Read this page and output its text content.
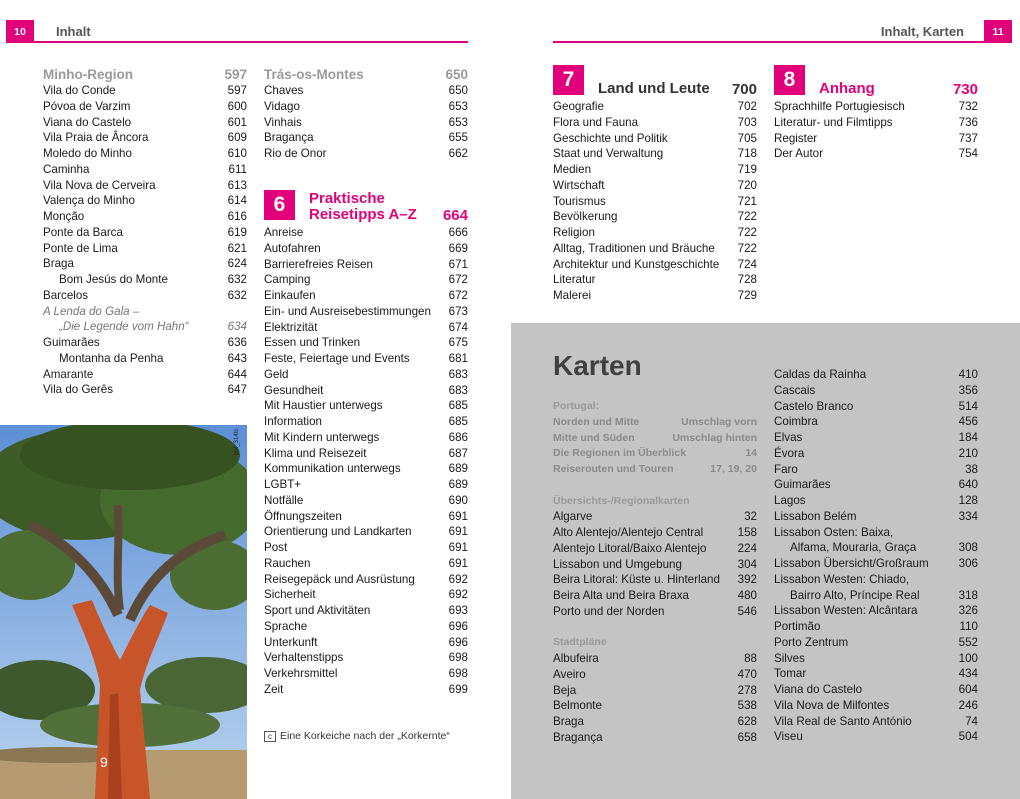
10	Inhalt	Inhalt, Karten	11
Minho-Region	597
Vila do Conde	597
Póvoa de Varzim	600
Viana do Castelo	601
Vila Praia de Âncora	609
Moledo do Minho	610
Caminha	611
Vila Nova de Cerveira	613
Valença do Minho	614
Monção	616
Ponte da Barca	619
Ponte de Lima	621
Braga	624
Bom Jesús do Monte	632
Barcelos	632
A Lenda do Gala –
„Die Legende vom Hahn“	634
Guimarães	636
Montanha da Penha	643
Amarante	644
Vila do Gerês	647
Trás-os-Montes	650
Chaves	650
Vidago	653
Vinhais	653
Bragança	655
Rio de Onor	662
6	Praktische
Reisetipps A–Z 664
Anreise	666
Autofahren	669
Barrierefreies Reisen	671
Camping	672
Einkaufen	672
Ein- und Ausreisebestimmungen 673
Elektrizität	674
Essen und Trinken	675
Feste, Feiertage und Events	681
Geld	683
Gesundheit	683
Mit Haustier unterwegs	685
Information	685
Mit Kindern unterwegs	686
Klima und Reisezeit	687
Kommunikation unterwegs	689
LGBT+	689
Notfälle	690
Öffnungszeiten	691
Orientierung und Landkarten	691
Post	691
Rauchen	691
Reisegepäck und Ausrüstung	692
Sicherheit	692
Sport und Aktivitäten	693
Sprache	696
Unterkunft	696
Verhaltenstipps	698
Verkehrsmittel	698
Zeit	699
c Eine Korkeiche nach der „Korkernte“
9
pof_314tc
7	Land und Leute	700
Geografie	702
Flora und Fauna	703
Geschichte und Politik	705
Staat und Verwaltung	718
Medien	719
Wirtschaft	720
Tourismus	721
Bevölkerung	722
Religion	722
Alltag, Traditionen und Bräuche 722
Architektur und Kunstgeschichte 724
Literatur	728
Malerei	729
8	Anhang	730
Sprachhilfe Portugiesisch	732
Literatur- und Filmtipps	736
Register	737
Der Autor	754
Karten
Portugal:
Norden und Mitte	Umschlag vorn
Mitte und Süden	Umschlag hinten
Die Regionen im Überblick	14
Reiserouten und Touren	17, 19, 20
Übersichts-/Regionalkarten
Algarve	32
Alto Alentejo/Alentejo Central	158
Alentejo Litoral/Baixo Alentejo	224
Lissabon und Umgebung	304
Beira Litoral: Küste u. Hinterland 392
Beira Alta und Beira Braxa	480
Porto und der Norden	546
Stadtpläne
Albufeira	88
Aveiro	470
Beja	278
Belmonte	538
Braga	628
Bragança	658
Caldas da Rainha	410
Cascais	356
Castelo Branco	514
Coimbra	456
Elvas	184
Évora	210
Faro	38
Guimarães	640
Lagos	128
Lissabon Belém	334
Lissabon Osten: Baixa,
Alfama, Mouraria, Graça	308
Lissabon Übersicht/Großraum	306
Lissabon Westen: Chiado,
Bairro Alto, Príncipe Real	318
Lissabon Westen: Alcântara	326
Portimão	110
Porto Zentrum	552
Silves	100
Tomar	434
Viana do Castelo	604
Vila Nova de Milfontes	246
Vila Real de Santo António	74
Viseu	504
